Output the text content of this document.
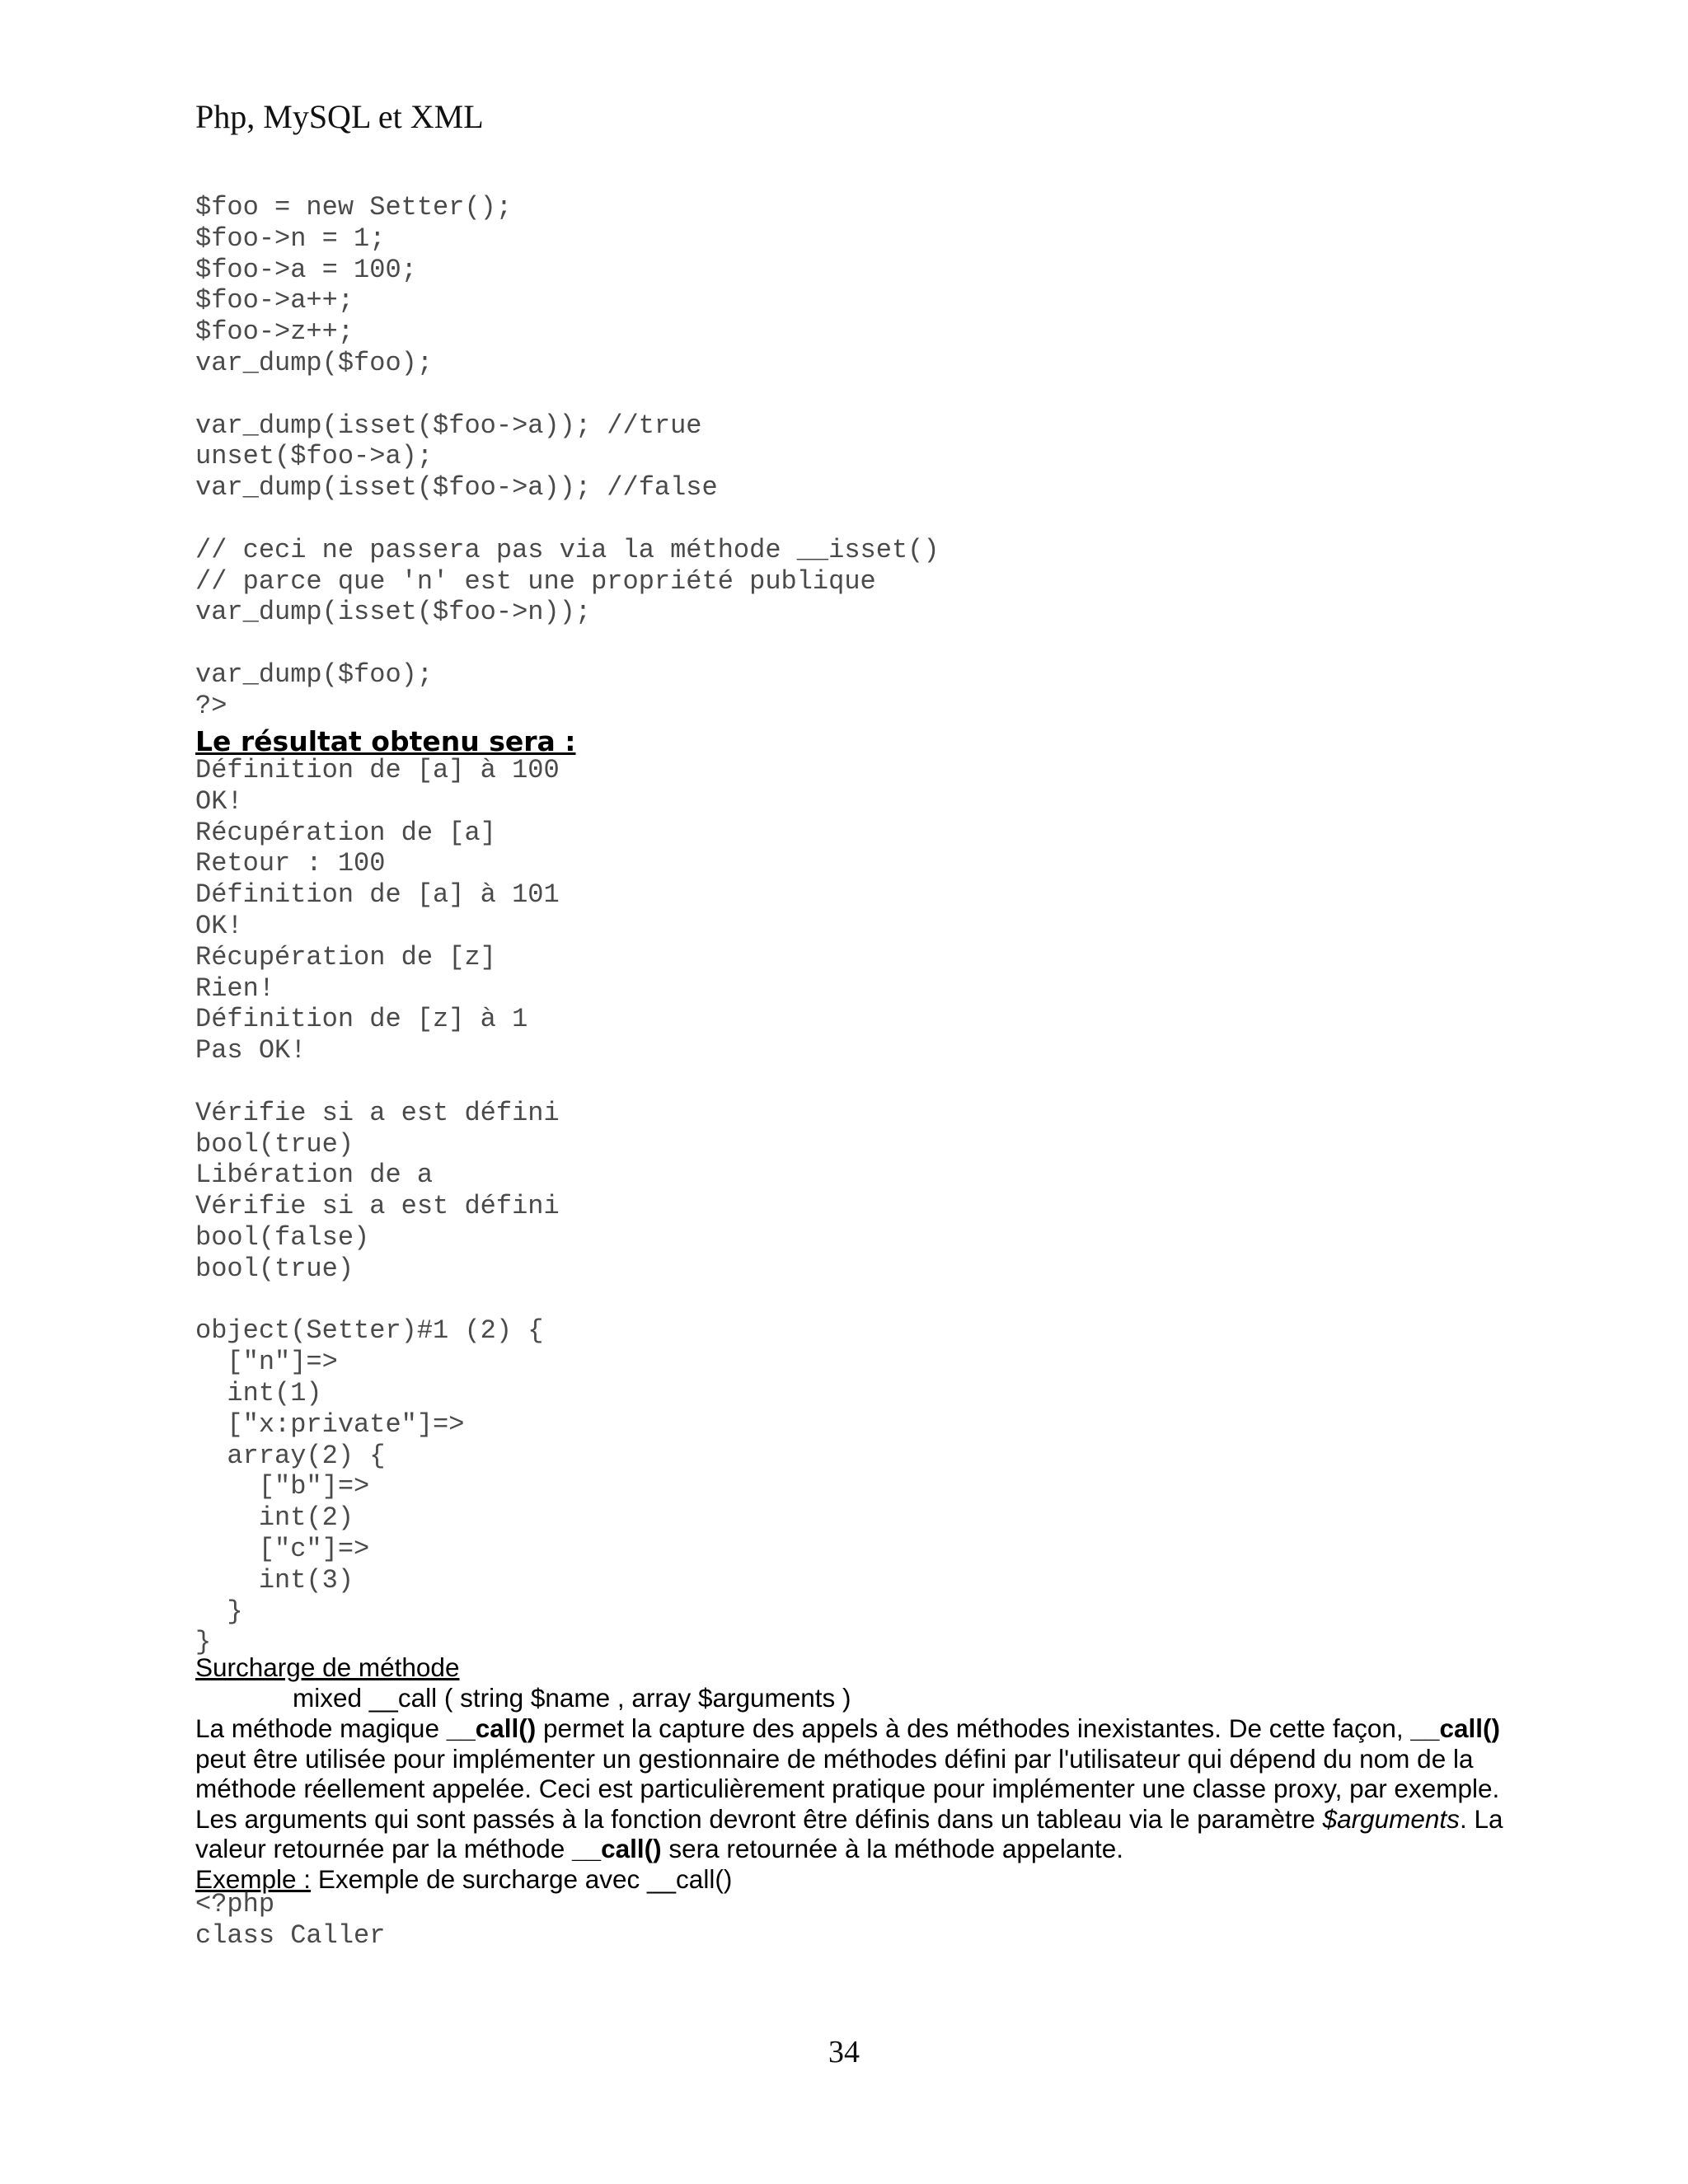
Php, MySQL et XML
$foo = new Setter();
$foo->n = 1;
$foo->a = 100;
$foo->a++;
$foo->z++;
var_dump($foo);

var_dump(isset($foo->a)); //true
unset($foo->a);
var_dump(isset($foo->a)); //false

// ceci ne passera pas via la méthode __isset()
// parce que 'n' est une propriété publique
var_dump(isset($foo->n));

var_dump($foo);
?>
Le résultat obtenu sera :
Définition de [a] à 100
OK!
Récupération de [a]
Retour : 100
Définition de [a] à 101
OK!
Récupération de [z]
Rien!
Définition de [z] à 1
Pas OK!

Vérifie si a est défini
bool(true)
Libération de a
Vérifie si a est défini
bool(false)
bool(true)

object(Setter)#1 (2) {
["n"]=>
int(1)
["x:private"]=>
array(2) {
["b"]=>
int(2)
["c"]=>
int(3)
}
}
Surcharge de méthode
mixed __call ( string $name , array $arguments )
La méthode magique __call() permet la capture des appels à des méthodes inexistantes. De cette façon, __call() peut être utilisée pour implémenter un gestionnaire de méthodes défini par l'utilisateur qui dépend du nom de la méthode réellement appelée. Ceci est particulièrement pratique pour implémenter une classe proxy, par exemple. Les arguments qui sont passés à la fonction devront être définis dans un tableau via le paramètre $arguments. La valeur retournée par la méthode __call() sera retournée à la méthode appelante.
Exemple : Exemple de surcharge avec __call()
<?php
class Caller
34
